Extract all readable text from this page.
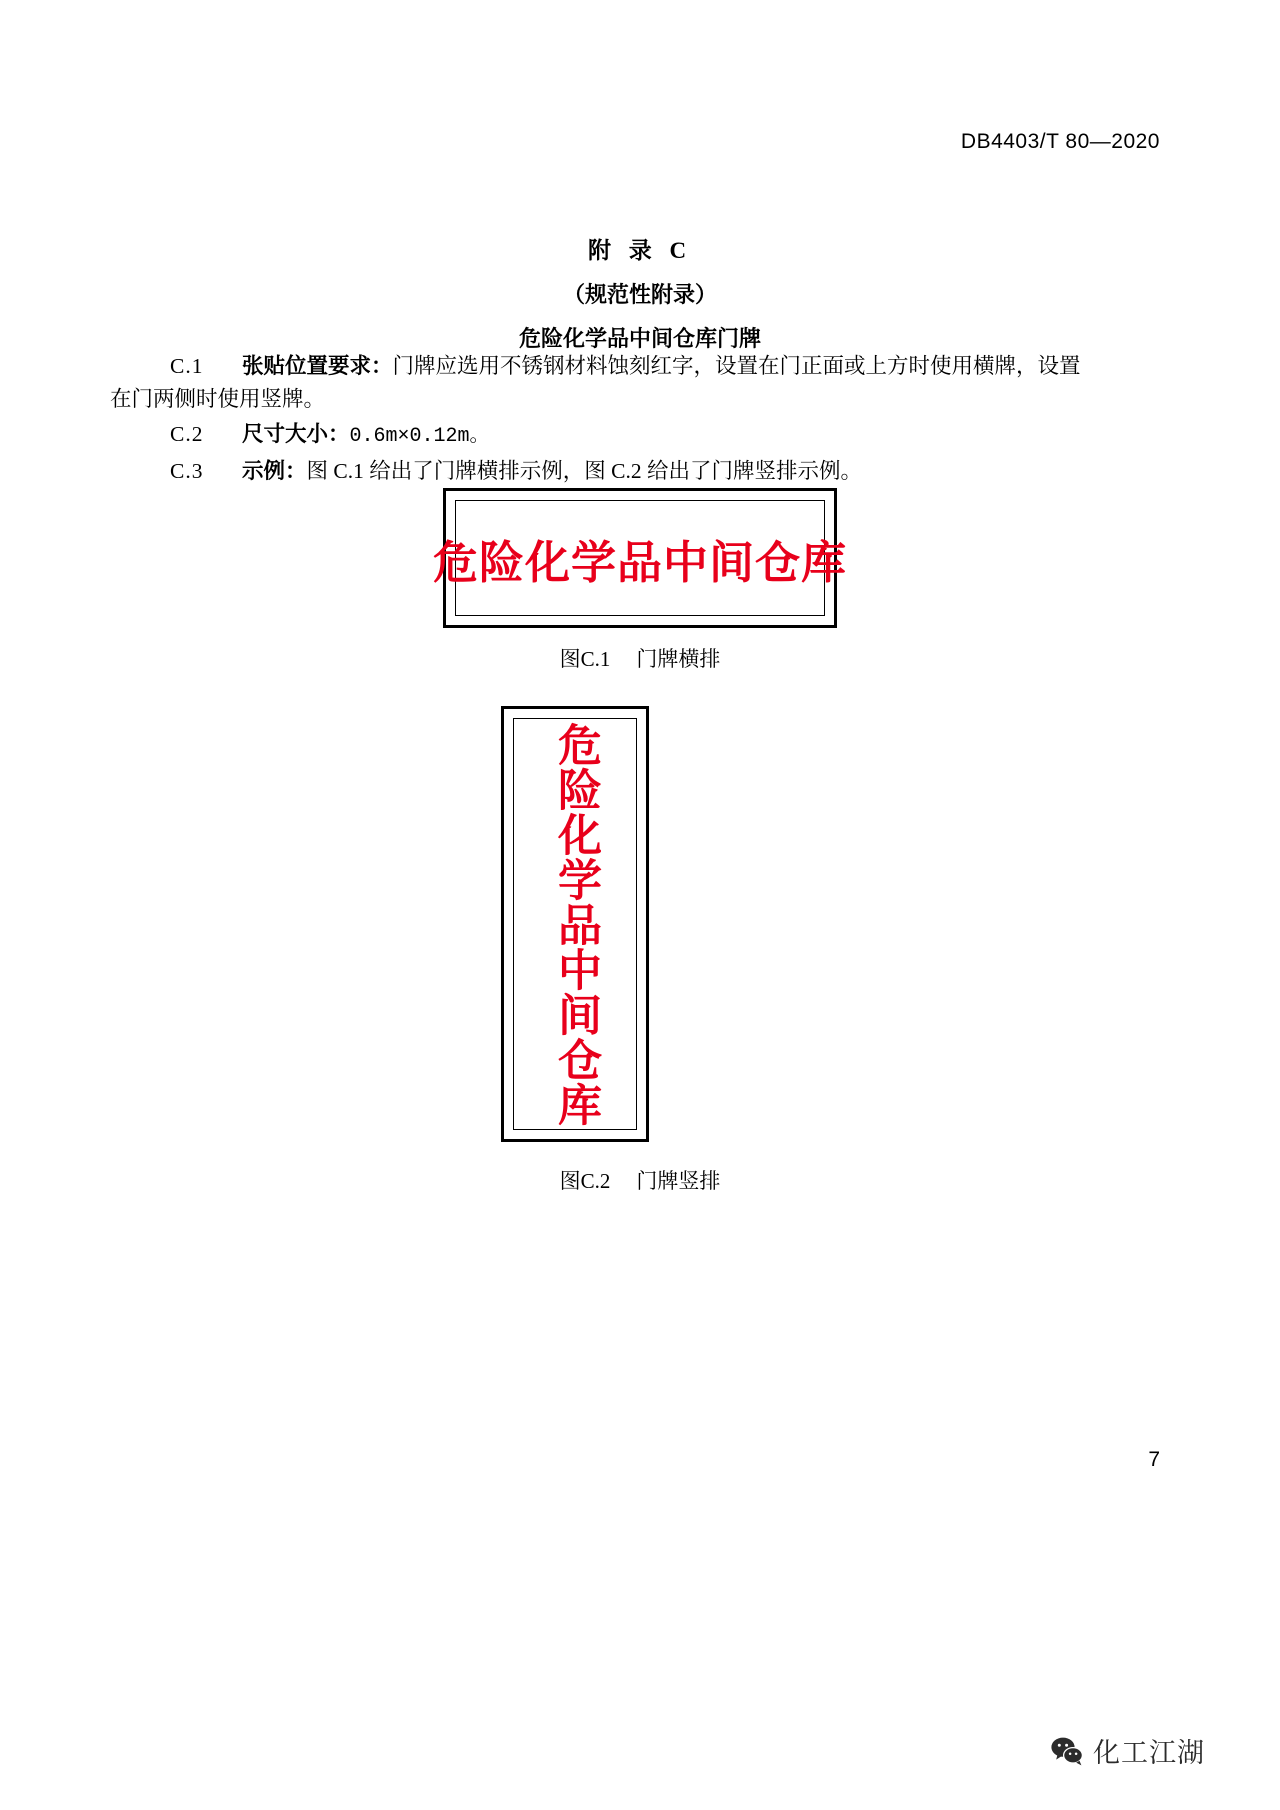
DB4403/T 80—2020
附 录 C
（规范性附录）
危险化学品中间仓库门牌
C.1 张贴位置要求：门牌应选用不锈钢材料蚀刻红字，设置在门正面或上方时使用横牌，设置
在门两侧时使用竖牌。
C.2 尺寸大小：0.6m×0.12m。
C.3 示例：图 C.1 给出了门牌横排示例，图 C.2 给出了门牌竖排示例。
危险化学品中间仓库
图C.1 门牌横排
危险化学品中间仓库
图C.2 门牌竖排
7
化工江湖
